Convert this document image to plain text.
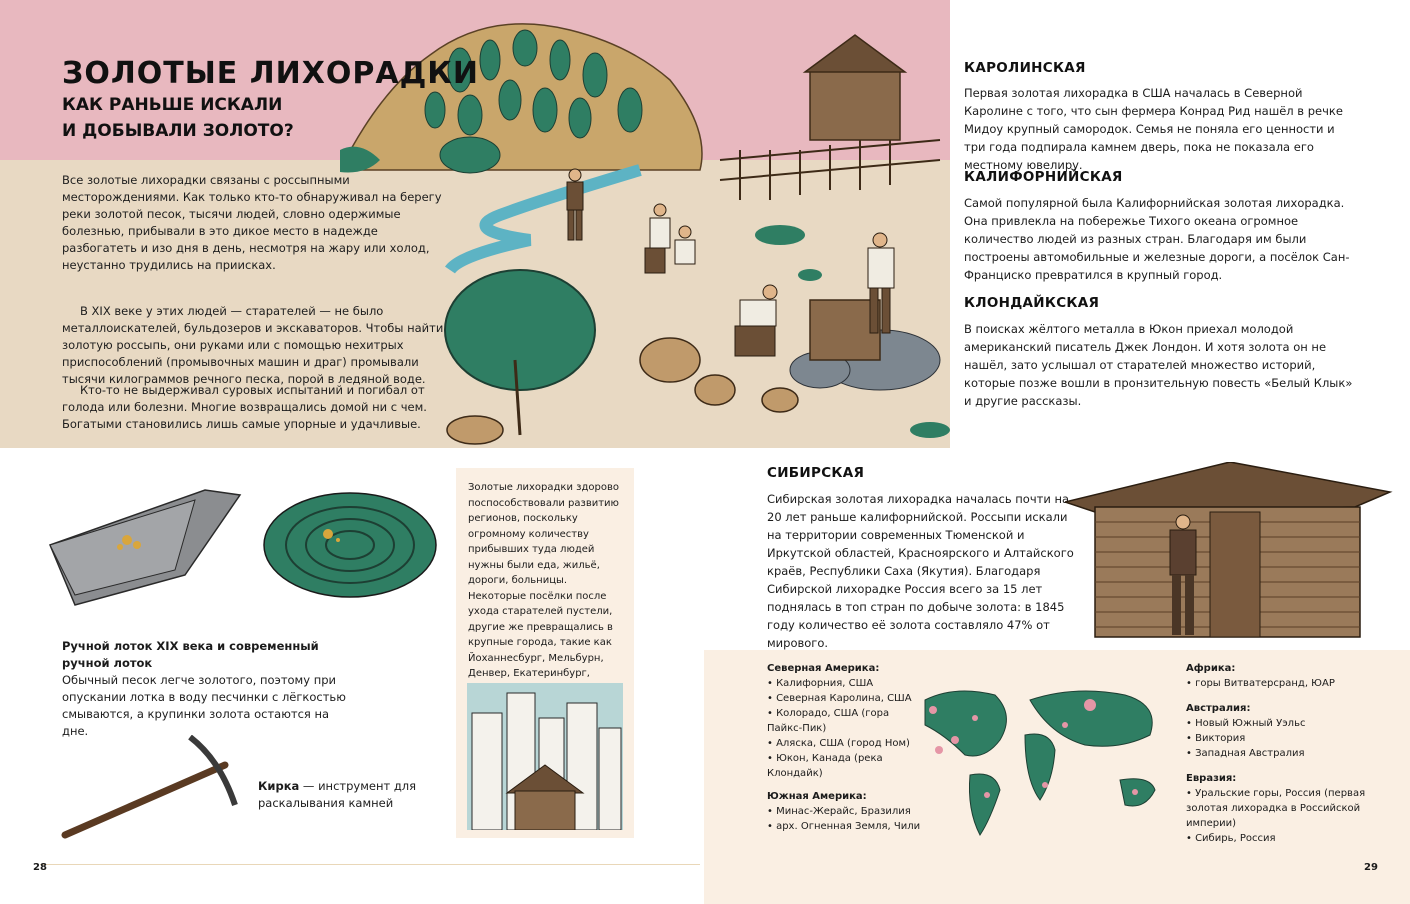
ЗОЛОТЫЕ ЛИХОРАДКИ
КАК РАНЬШЕ ИСКАЛИ
И ДОБЫВАЛИ ЗОЛОТО?
Все золотые лихорадки связаны с россыпными месторождениями. Как только кто-то обнаруживал на берегу реки золотой песок, тысячи людей, словно одержимые болезнью, прибывали в это дикое место в надежде разбогатеть и изо дня в день, несмотря на жару или холод, неустанно трудились на приисках.
В XIX веке у этих людей — старателей — не было металлоискателей, бульдозеров и экскаваторов. Чтобы найти золотую россыпь, они руками или с помощью нехитрых приспособлений (промывочных машин и драг) промывали тысячи килограммов речного песка, порой в ледяной воде.
Кто-то не выдерживал суровых испытаний и погибал от голода или болезни. Многие возвращались домой ни с чем. Богатыми становились лишь самые упорные и удачливые.
Ручной лоток XIX века и современный
ручной лоток
Обычный песок легче золотого, поэтому при опускании лотка в воду песчинки с лёгкостью смываются, а крупинки золота остаются на дне.
Кирка — инструмент для раскалывания камней

Золотые лихорадки здорово поспособствовали развитию регионов, поскольку огромному количеству прибывших туда людей нужны были еда, жильё, дороги, больницы. Некоторые посёлки после ухода старателей пустели, другие же превращались в крупные города, такие как Йоханнесбург, Мельбурн, Денвер, Екатеринбург,

28
КАРОЛИНСКАЯ
Первая золотая лихорадка в США началась в Северной Каролине с того, что сын фермера Конрад Рид нашёл в речке Мидоу крупный самородок. Семья не поняла его ценности и три года подпирала камнем дверь, пока не показала его местному ювелиру.
КАЛИФОРНИЙСКАЯ
Самой популярной была Калифорнийская золотая лихорадка. Она привлекла на побережье Тихого океана огромное количество людей из разных стран. Благодаря им были построены автомобильные и железные дороги, а посёлок Сан-Франциско превратился в крупный город.
КЛОНДАЙКСКАЯ
В поисках жёлтого металла в Юкон приехал молодой американский писатель Джек Лондон. И хотя золота он не нашёл, зато услышал от старателей множество историй, которые позже вошли в пронзительную повесть «Белый Клык» и другие рассказы.
СИБИРСКАЯ
Сибирская золотая лихорадка началась почти на 20 лет раньше калифорнийской. Россыпи искали на территории современных Тюменской и Иркутской областей, Красноярского и Алтайского краёв, Республики Саха (Якутия). Благодаря Сибирской лихорадке Россия всего за 15 лет поднялась в топ стран по добыче золота: в 1845 году количество её золота составляло 47% от мирового.
Северная Америка:
• Калифорния, США
• Северная Каролина, США
• Колорадо, США (гора Пайкс-Пик)
• Аляска, США (город Ном)
• Юкон, Канада (река Клондайк)
Южная Америка:
• Минас-Жерайс, Бразилия
• арх. Огненная Земля, Чили
Африка:
• горы Витватерсранд, ЮАР
Австралия:
• Новый Южный Уэльс
• Виктория
• Западная Австралия
Евразия:
• Уральские горы, Россия (первая золотая лихорадка в Российской империи)
• Сибирь, Россия
29
